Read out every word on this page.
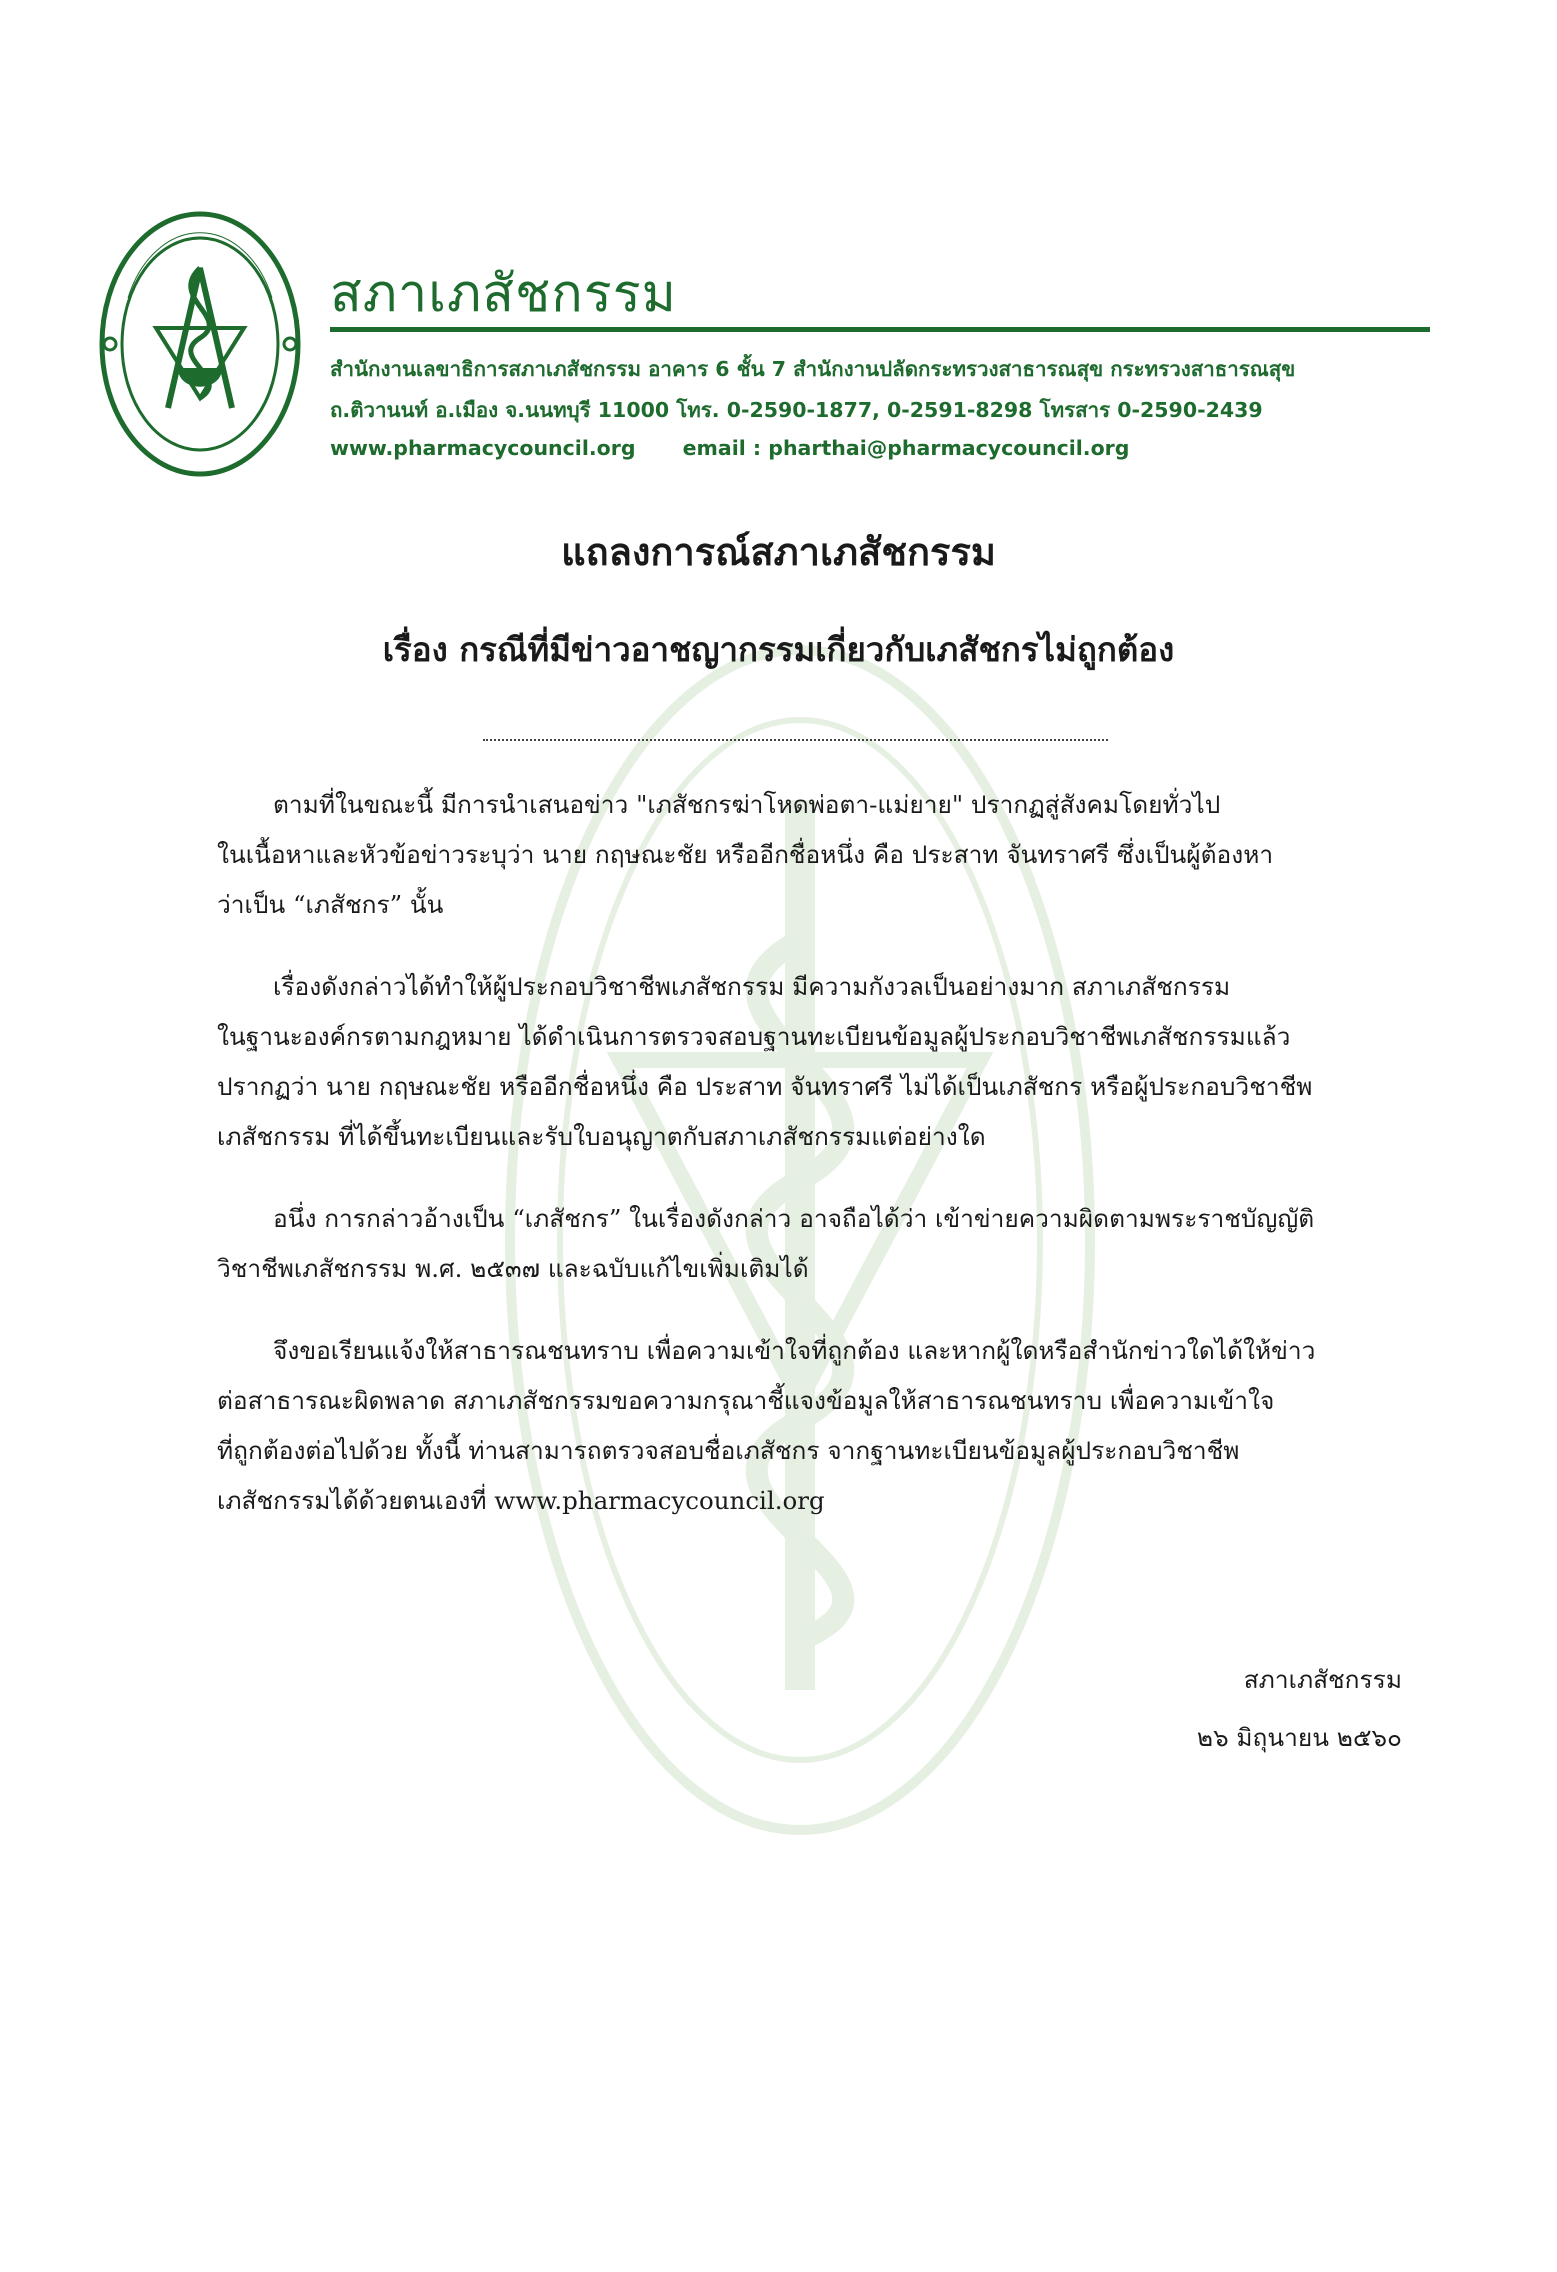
สภาเภสัชกรรม
สำนักงานเลขาธิการสภาเภสัชกรรม อาคาร 6 ชั้น 7 สำนักงานปลัดกระทรวงสาธารณสุข กระทรวงสาธารณสุข
ถ.ติวานนท์ อ.เมือง จ.นนทบุรี 11000 โทร. 0-2590-1877, 0-2591-8298 โทรสาร 0-2590-2439
www.pharmacycouncil.org email : pharthai@pharmacycouncil.org
แถลงการณ์สภาเภสัชกรรม
เรื่อง กรณีที่มีข่าวอาชญากรรมเกี่ยวกับเภสัชกรไม่ถูกต้อง

ตามที่ในขณะนี้ มีการนำเสนอข่าว "เภสัชกรฆ่าโหดพ่อตา-แม่ยาย" ปรากฏสู่สังคมโดยทั่วไป
ในเนื้อหาและหัวข้อข่าวระบุว่า นาย กฤษณะชัย หรืออีกชื่อหนึ่ง คือ ประสาท จันทราศรี ซึ่งเป็นผู้ต้องหา
ว่าเป็น “เภสัชกร” นั้น

เรื่องดังกล่าวได้ทำให้ผู้ประกอบวิชาชีพเภสัชกรรม มีความกังวลเป็นอย่างมาก สภาเภสัชกรรม
ในฐานะองค์กรตามกฎหมาย ได้ดำเนินการตรวจสอบฐานทะเบียนข้อมูลผู้ประกอบวิชาชีพเภสัชกรรมแล้ว
ปรากฏว่า นาย กฤษณะชัย หรืออีกชื่อหนึ่ง คือ ประสาท จันทราศรี ไม่ได้เป็นเภสัชกร หรือผู้ประกอบวิชาชีพ
เภสัชกรรม ที่ได้ขึ้นทะเบียนและรับใบอนุญาตกับสภาเภสัชกรรมแต่อย่างใด

อนึ่ง การกล่าวอ้างเป็น “เภสัชกร” ในเรื่องดังกล่าว อาจถือได้ว่า เข้าข่ายความผิดตามพระราชบัญญัติ
วิชาชีพเภสัชกรรม พ.ศ. ๒๕๓๗ และฉบับแก้ไขเพิ่มเติมได้

จึงขอเรียนแจ้งให้สาธารณชนทราบ เพื่อความเข้าใจที่ถูกต้อง และหากผู้ใดหรือสำนักข่าวใดได้ให้ข่าว
ต่อสาธารณะผิดพลาด สภาเภสัชกรรมขอความกรุณาชี้แจงข้อมูลให้สาธารณชนทราบ เพื่อความเข้าใจ
ที่ถูกต้องต่อไปด้วย ทั้งนี้ ท่านสามารถตรวจสอบชื่อเภสัชกร จากฐานทะเบียนข้อมูลผู้ประกอบวิชาชีพ
เภสัชกรรมได้ด้วยตนเองที่ www.pharmacycouncil.org

สภาเภสัชกรรม
๒๖ มิถุนายน ๒๕๖๐
